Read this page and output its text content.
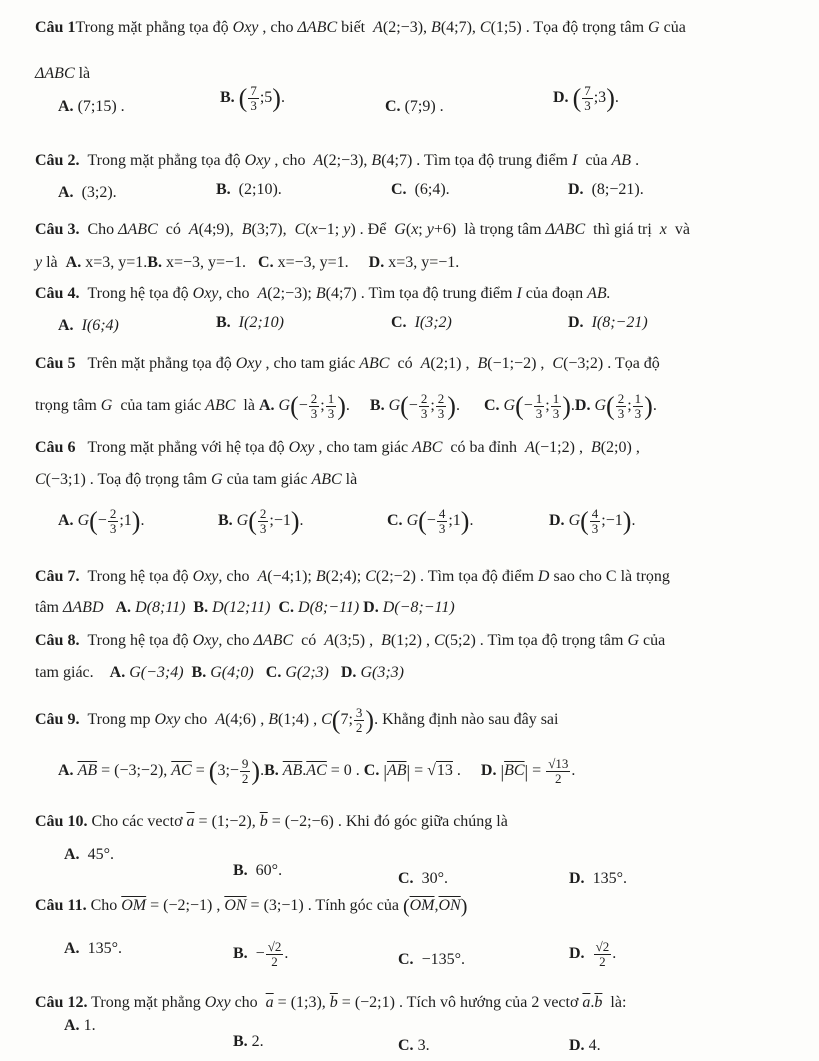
Câu 1Trong mặt phẳng tọa độ Oxy , cho ΔABC biết  A(2;−3), B(4;7), C(1;5) . Tọa độ trọng tâm G của
ΔABC là
A. (7;15) .
B. ( $\frac{7}{3}$ ;5).
C. (7;9) .
D. ( $\frac{7}{3}$ ;3).
Câu 2.  Trong mặt phẳng tọa độ Oxy , cho  A(2;−3), B(4;7) . Tìm tọa độ trung điểm I  của AB .
A. (3;2).	B. (2;10).	C. (6;4).	D. (8;−21).
Câu 3.  Cho ΔABC  có  A(4;9),  B(3;7),  C(x−1; y) . Để  G(x; y+6)  là trọng tâm ΔABC  thì giá trị  x  và
y là  A. x=3, y=1.B. x=−3, y=−1. C. x=−3, y=1. D. x=3, y=−1.
Câu 4.  Trong hệ tọa độ Oxy, cho  A(2;−3); B(4;7) . Tìm tọa độ trung điểm I của đoạn AB.
A. I(6;4)	B. I(2;10)	C. I(3;2)	D. I(8;−21)
Câu 5   Trên mặt phẳng tọa độ Oxy , cho tam giác ABC  có  A(2;1) ,  B(−1;−2) ,  C(−3;2) . Tọa độ
trọng tâm G  của tam giác ABC  là A. $G(- \frac{2}{3}$ ; $\frac{1}{3}$ ).     B. $G(- \frac{2}{3}$ ; $\frac{2}{3}$ ).      C. $G(- \frac{1}{3}$ ; $\frac{1}{3} ).D$. $G( \frac{2}{3}$ ; $\frac{1}{3}$ ).
Câu 6   Trong mặt phẳng với hệ tọa độ Oxy , cho tam giác ABC  có ba đỉnh  A(−1;2) ,  B(2;0) ,
C(−3;1) . Toạ độ trọng tâm G của tam giác ABC là
A. $G(- \frac{2}{3}$ ;1).	B. $G( \frac{2}{3}$ ;−1).	C. $G(- \frac{4}{3}$ ;1).	D. $G( \frac{4}{3}$ ;−1).
Câu 7.  Trong hệ tọa độ Oxy, cho  A(−4;1); B(2;4); C(2;−2) . Tìm tọa độ điểm D sao cho C là trọng
tâm ΔABD A. D(8;11) B. D(12;11) C. D(8;−11) D. D(−8;−11)
Câu 8.  Trong hệ tọa độ Oxy, cho ΔABC  có  A(3;5) ,  B(1;2) , C(5;2) . Tìm tọa độ trọng tâm G của
tam giác.    A. G(−3;4) B. G(4;0) C. G(2;3) D. G(3;3)
Câu 9.  Trong mp Oxy cho  A(4;6) , B(1;4) , C(7; $\frac{3}{2}$ ). Khẳng định nào sau đây sai
A. $\overline{AB}$ = (−3;−2), $\overline{AC}$ = (3;− $\frac{9}{2} ).B$. $\overline{AB}.\overline{AC} = 0$ . C. $|\overline{AB}| = √13$ .     D. $|\overline{BC}| = \frac{√13}{2}$ .
Câu 10. Cho các vectơ $\overline{a}$ = (1;−2), $\overline{b}$ = (−2;−6) . Khi đó góc giữa chúng là
A. 45°.
B. 60°.	C. 30°.	D. 135°.
Câu 11. Cho $\overline{OM}$ = (−2;−1) , $\overline{ON}$ = (3;−1) . Tính góc của $(\overline{OM},\overline{ON})$
A. 135°.	B.  − $\frac{√2}{2}$ .	C. −135°.	D. $\frac{√2}{2}$ .
Câu 12. Trong mặt phẳng Oxy cho  $\overline{a}$ = (1;3), $\overline{b}$ = (−2;1) . Tích vô hướng của 2 vectơ $\overline{a}.\overline{b}$  là:
A. 1.
B. 2.	C. 3.	D. 4.
